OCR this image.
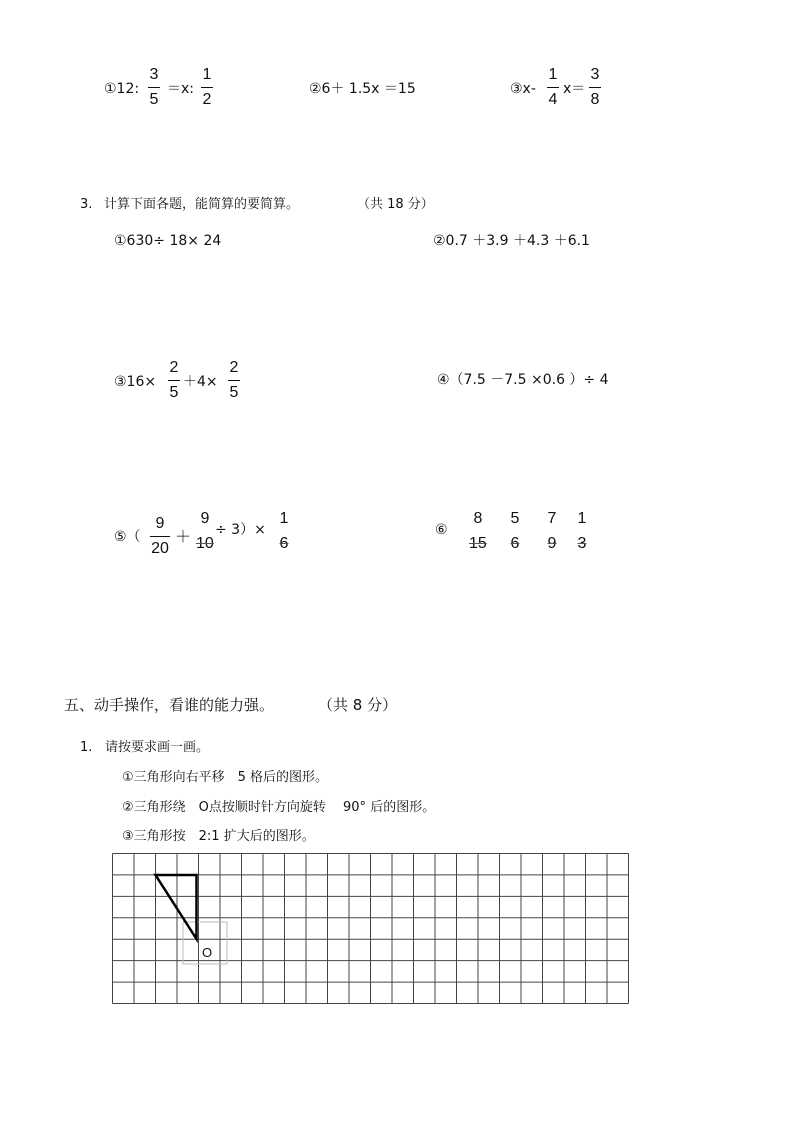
①12:
3
5
＝x:
1
2
②6＋ 1.5x ＝15	③x-
1
4
x＝
3
8
3. 计算下面各题，能简算的要简算。	（共 18 分）
①630÷ 18× 24	②0.7 ＋3.9 ＋4.3 ＋6.1
③16×
2
5
＋4×
2
5
④（7.5 －7.5 ×0.6 ）÷ 4
⑤（
9
20
＋
9
10
÷ 3）×
1
6
⑥
8
15
5
6
7
9
1
3
五、动手操作，看谁的能力强。	（共 8 分）
1. 请按要求画一画。
①三角形向右平移　5 格后的图形。
②三角形绕　O点按顺时针方向旋转　 90° 后的图形。
③三角形按　2:1 扩大后的图形。
O
